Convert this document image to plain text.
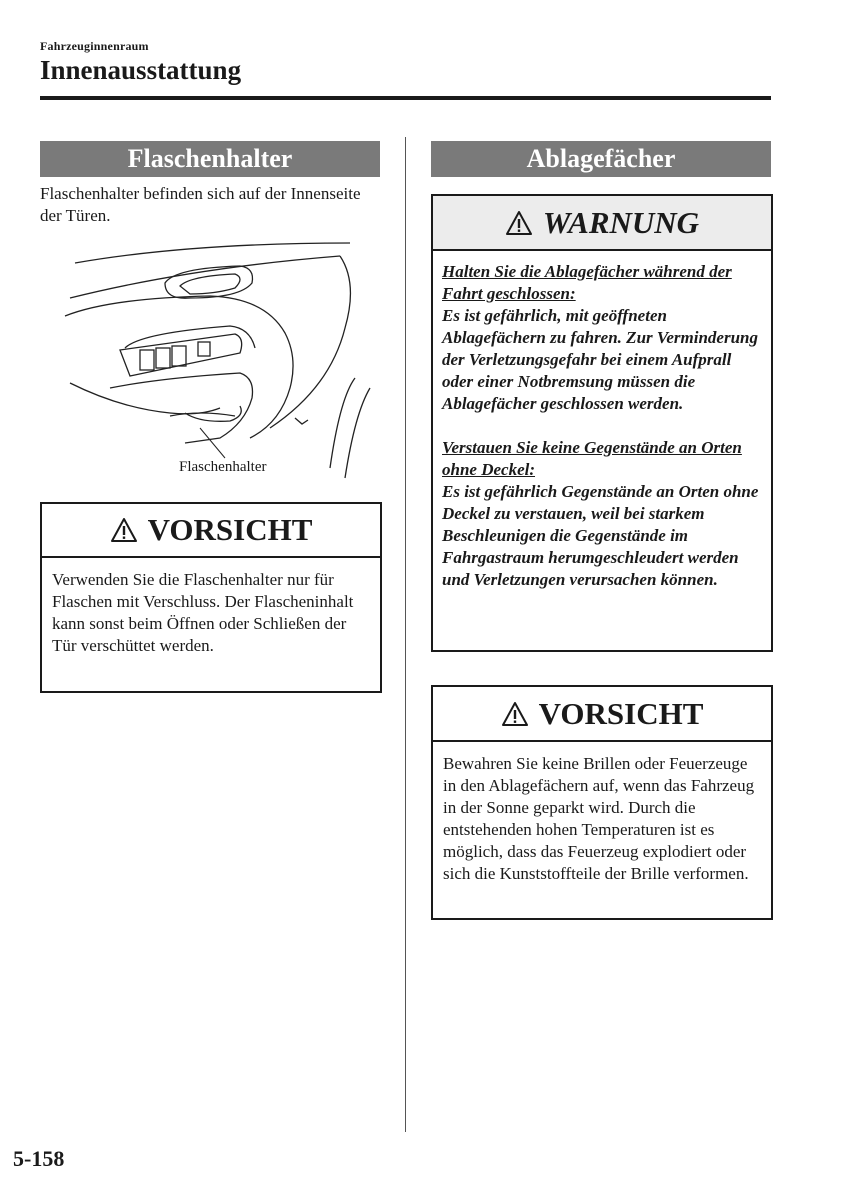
Fahrzeuginnenraum
Innenausstattung
Flaschenhalter
Flaschenhalter befinden sich auf der Innenseite der Türen.
Flaschenhalter
VORSICHT
Verwenden Sie die Flaschenhalter nur für Flaschen mit Verschluss. Der Flascheninhalt kann sonst beim Öffnen oder Schließen der Tür verschüttet werden.
Ablagefächer
WARNUNG

Halten Sie die Ablagefächer während der Fahrt geschlossen:
Es ist gefährlich, mit geöffneten Ablagefächern zu fahren. Zur Verminderung der Verletzungsgefahr bei einem Aufprall oder einer Notbremsung müssen die Ablagefächer geschlossen werden.

Verstauen Sie keine Gegenstände an Orten ohne Deckel:
Es ist gefährlich Gegenstände an Orten ohne Deckel zu verstauen, weil bei starkem Beschleunigen die Gegenstände im Fahrgastraum herumgeschleudert werden und Verletzungen verursachen können.

VORSICHT
Bewahren Sie keine Brillen oder Feuerzeuge in den Ablagefächern auf, wenn das Fahrzeug in der Sonne geparkt wird. Durch die entstehenden hohen Temperaturen ist es möglich, dass das Feuerzeug explodiert oder sich die Kunststoffteile der Brille verformen.
5-158
